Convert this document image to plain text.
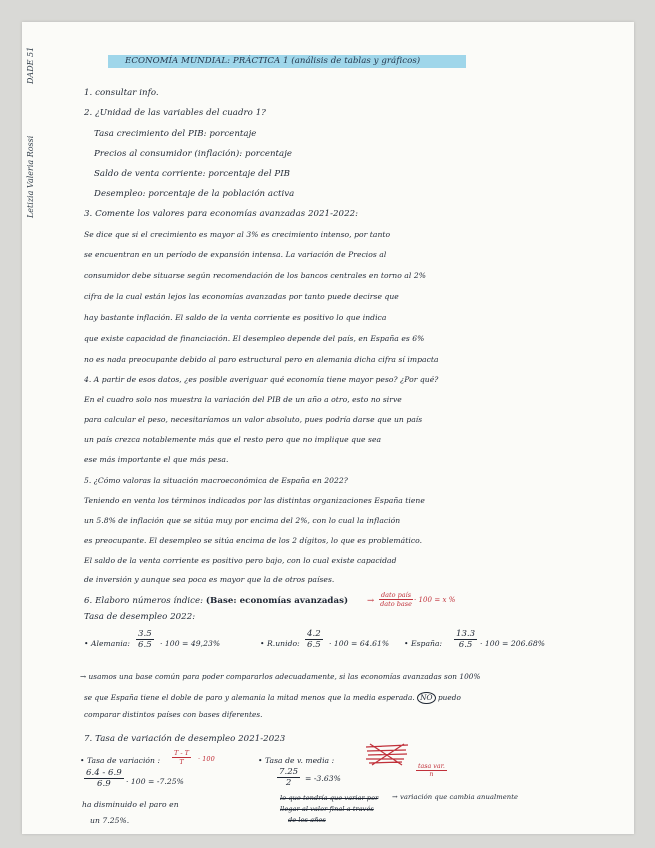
Letizia Valeria Rossi
DADE 51	ECONOMÍA MUNDIAL: PRÁCTICA 1 (análisis de tablas y gráficos)
1. consultar info.
2. ¿Unidad de las variables del cuadro 1?
Tasa crecimiento del PIB: porcentaje
Precios al consumidor (inflación): porcentaje
Saldo de venta corriente: porcentaje del PIB
Desempleo: porcentaje de la población activa
3. Comente los valores para economías avanzadas 2021-2022:
Se dice que si el crecimiento es mayor al 3% es crecimiento intenso, por tanto
se encuentran en un período de expansión intensa. La variación de Precios al
consumidor debe situarse según recomendación de los bancos centrales en torno al 2%
cifra de la cual están lejos las economías avanzadas por tanto puede decirse que
hay bastante inflación. El saldo de la venta corriente es positivo lo que indica
que existe capacidad de financiación. El desempleo depende del país, en España es 6%
no es nada preocupante debido al paro estructural pero en alemania dicha cifra sí impacta
4. A partir de esos datos, ¿es posible averiguar qué economía tiene mayor peso? ¿Por qué?
En el cuadro solo nos muestra la variación del PIB de un año a otro, esto no sirve
para calcular el peso, necesitaríamos un valor absoluto, pues podría darse que un país
un país crezca notablemente más que el resto pero que no implique que sea
ese más importante el que más pesa.
5. ¿Cómo valoras la situación macroeconómica de España en 2022?
Teniendo en venta los términos indicados por las distintas organizaciones España tiene
un 5.8% de inflación que se sitúa muy por encima del 2%, con lo cual la inflación
es preocupante. El desempleo se sitúa encima de los 2 dígitos, lo que es problemático.
El saldo de la venta corriente es positivo pero bajo, con lo cual existe capacidad
de inversión y aunque sea poca es mayor que la de otros países.
6. Elaboro números índice: (Base: economías avanzadas) →
dato país
dato base · 100 = x %
Tasa de desempleo 2022:
• Alemania: $\frac{3.5}{6.5} \cdot 100 = 49,23\%$	• R.unido: $\frac{4.2}{6.5} \cdot 100 = 64.61\%$ • España: $\frac{13.3}{6.5} \cdot 100 = 206.68\%$
→ usamos una base común para poder compararlos adecuadamente, si las economías avanzadas son 100%
se que España tiene el doble de paro y alemania la mitad menos que la media esperada. NO puedo
comparar distintos países con bases diferentes.
7. Tasa de variación de desempleo 2021-2023
• Tasa de variación : $\frac{T - T}{T} \cdot 100$
$\frac{6.4 - 6.9}{6.9} \cdot 100 = -7.25\%$
ha disminuido el paro en
un 7.25%.
• Tasa de v. media :
tasa var.
n
$\frac{7.25}{2} = -3.63\%$
lo que tendría que variar por → variación que cambia anualmente
llegar al valor final a través
de los años
